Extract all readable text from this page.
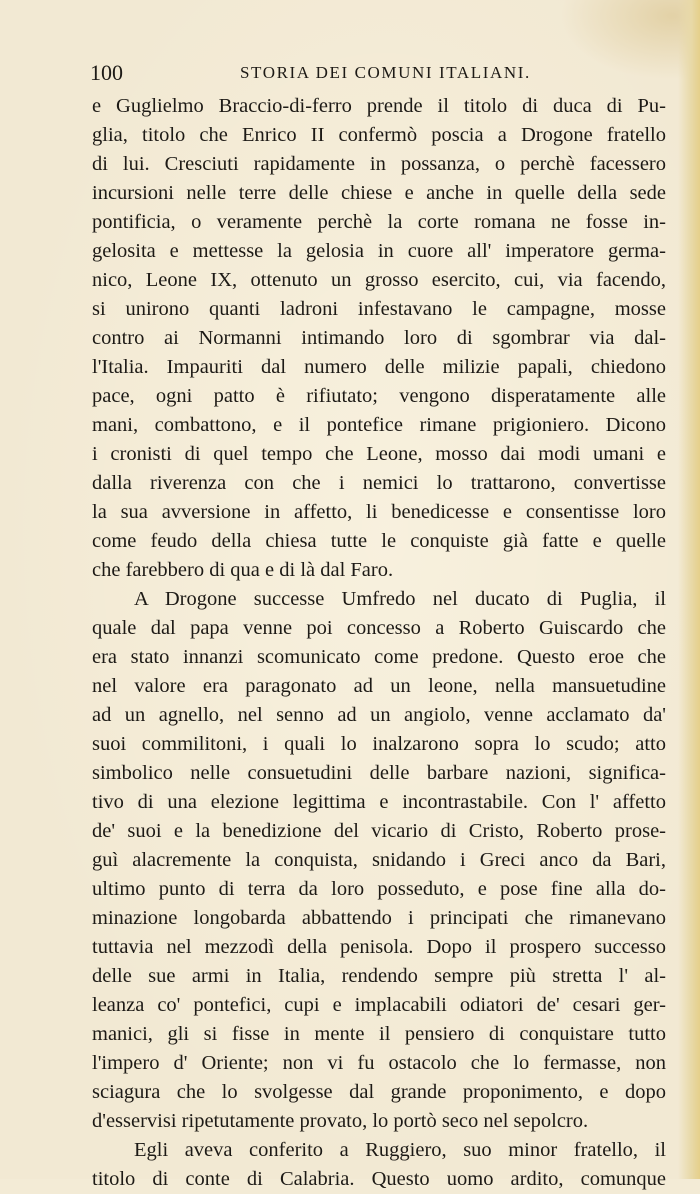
100	STORIA DEI COMUNI ITALIANI.
e Guglielmo Braccio-di-ferro prende il titolo di duca di Pu-
glia, titolo che Enrico II confermò poscia a Drogone fratello
di lui. Cresciuti rapidamente in possanza, o perchè facessero
incursioni nelle terre delle chiese e anche in quelle della sede
pontificia, o veramente perchè la corte romana ne fosse in-
gelosita e mettesse la gelosia in cuore all' imperatore germa-
nico, Leone IX, ottenuto un grosso esercito, cui, via facendo,
si unirono quanti ladroni infestavano le campagne, mosse
contro ai Normanni intimando loro di sgombrar via dal-
l'Italia. Impauriti dal numero delle milizie papali, chiedono
pace, ogni patto è rifiutato; vengono disperatamente alle
mani, combattono, e il pontefice rimane prigioniero. Dicono
i cronisti di quel tempo che Leone, mosso dai modi umani e
dalla riverenza con che i nemici lo trattarono, convertisse
la sua avversione in affetto, li benedicesse e consentisse loro
come feudo della chiesa tutte le conquiste già fatte e quelle
che farebbero di qua e di là dal Faro.
A Drogone successe Umfredo nel ducato di Puglia, il
quale dal papa venne poi concesso a Roberto Guiscardo che
era stato innanzi scomunicato come predone. Questo eroe che
nel valore era paragonato ad un leone, nella mansuetudine
ad un agnello, nel senno ad un angiolo, venne acclamato da'
suoi commilitoni, i quali lo inalzarono sopra lo scudo; atto
simbolico nelle consuetudini delle barbare nazioni, significa-
tivo di una elezione legittima e incontrastabile. Con l' affetto
de' suoi e la benedizione del vicario di Cristo, Roberto prose-
guì alacremente la conquista, snidando i Greci anco da Bari,
ultimo punto di terra da loro posseduto, e pose fine alla do-
minazione longobarda abbattendo i principati che rimanevano
tuttavia nel mezzodì della penisola. Dopo il prospero successo
delle sue armi in Italia, rendendo sempre più stretta l' al-
leanza co' pontefici, cupi e implacabili odiatori de' cesari ger-
manici, gli si fisse in mente il pensiero di conquistare tutto
l'impero d' Oriente; non vi fu ostacolo che lo fermasse, non
sciagura che lo svolgesse dal grande proponimento, e dopo
d'esservisi ripetutamente provato, lo portò seco nel sepolcro.
Egli aveva conferito a Ruggiero, suo minor fratello, il
titolo di conte di Calabria. Questo uomo ardito, comunque
